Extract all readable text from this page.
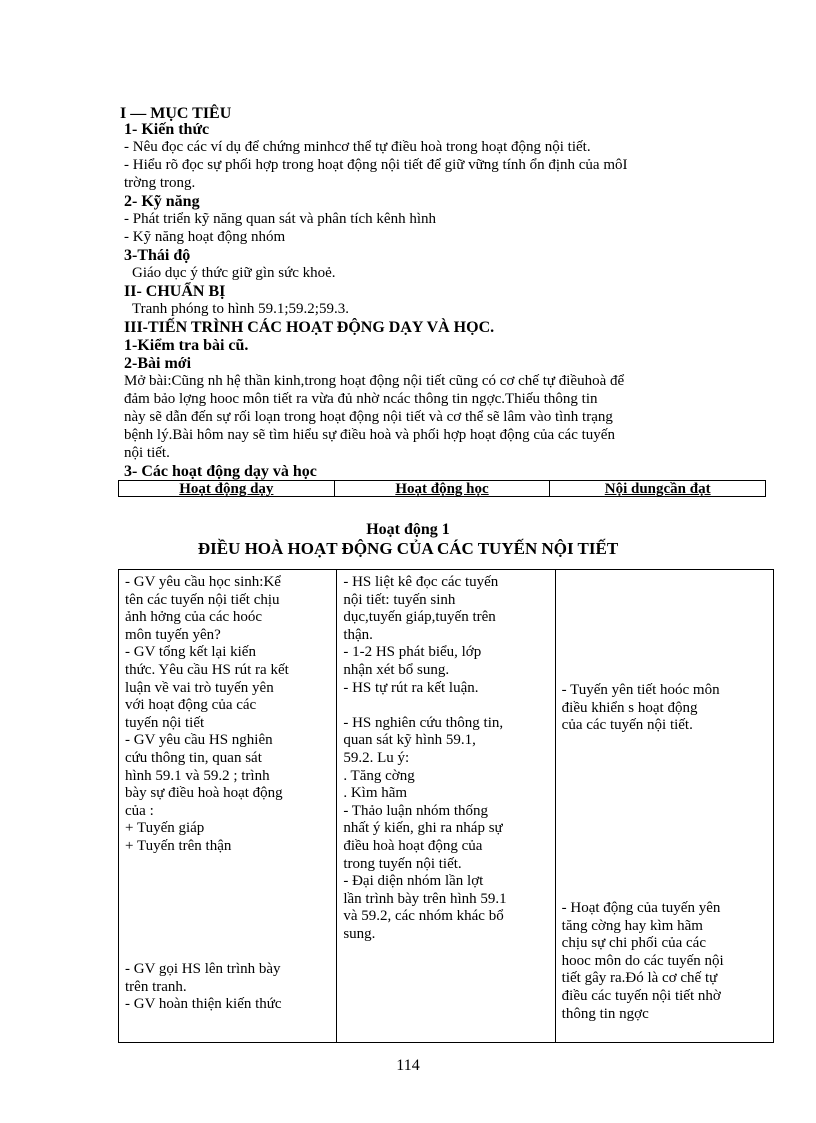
I — MỤC TIÊU
1- Kiến thức
- Nêu đọc các ví dụ để chứng minhcơ thể tự điều hoà trong hoạt động nội tiết.
- Hiểu rõ đọc sự phối hợp trong hoạt động nội tiết để giữ vững tính ổn định của môI
trờng trong.
2- Kỹ năng
- Phát triển kỹ năng quan sát và phân tích kênh hình
- Kỹ năng hoạt động nhóm
3-Thái độ
Giáo dục ý thức giữ gìn sức khoẻ.
II- CHUẨN BỊ
Tranh phóng to hình 59.1;59.2;59.3.
III-TIẾN TRÌNH CÁC HOẠT ĐỘNG DẠY VÀ HỌC.
1-Kiểm tra bài cũ.
2-Bài mới
Mở bài:Cũng nh hệ thần kinh,trong hoạt động nội tiết cũng có cơ chế tự điềuhoà để
đảm bảo lợng hooc môn tiết ra vừa đủ nhờ ncác thông tin ngợc.Thiếu thông tin
này sẽ dẫn đến sự rối loạn trong hoạt động nội tiết và cơ thể sẽ lâm vào tình trạng
bệnh lý.Bài hôm nay sẽ tìm hiểu sự điều hoà và phối hợp hoạt động của các tuyến
nội tiết.
3- Các hoạt động dạy và học
Hoạt động dạy	Hoạt động học	Nội dungcần đạt
Hoạt động 1
ĐIỀU HOÀ HOẠT ĐỘNG CỦA CÁC TUYẾN NỘI TIẾT
- GV yêu cầu học sinh:Kể
tên các tuyến nội tiết chịu
ảnh hởng của các hoóc
môn tuyến yên?
- GV tổng kết lại kiến
thức. Yêu cầu HS rút ra kết
luận về vai trò tuyến yên
với hoạt động của các
tuyến nội tiết
- GV yêu cầu HS nghiên
cứu thông tin, quan sát
hình 59.1 và 59.2 ; trình
bày sự điều hoà hoạt động
của :
+ Tuyến giáp
+ Tuyến trên thận

- GV gọi HS lên trình bày
trên tranh.
- GV hoàn thiện kiến thức
- HS liệt kê đọc các tuyến
nội tiết: tuyến sinh
dục,tuyến giáp,tuyến trên
thận.
- 1-2 HS phát biểu, lớp
nhận xét bổ sung.
- HS tự rút ra kết luận.

- HS nghiên cứu thông tin,
quan sát kỹ hình 59.1,
59.2. Lu ý:
. Tăng cờng
. Kìm hãm
- Thảo luận nhóm thống
nhất ý kiến, ghi ra nháp sự
điều hoà hoạt động của
trong tuyến nội tiết.
- Đại diện nhóm lần lợt
lần trình bày trên hình 59.1
và 59.2, các nhóm khác bổ
sung.
- Tuyến yên tiết hoóc môn
điều khiển s hoạt động
của các tuyến nội tiết.
- Hoạt động của tuyến yên
tăng cờng hay kìm hãm
chịu sự chi phối của các
hooc môn do các tuyến nội
tiết gây ra.Đó là cơ chế tự
điều các tuyến nội tiết nhờ
thông tin ngợc
114
